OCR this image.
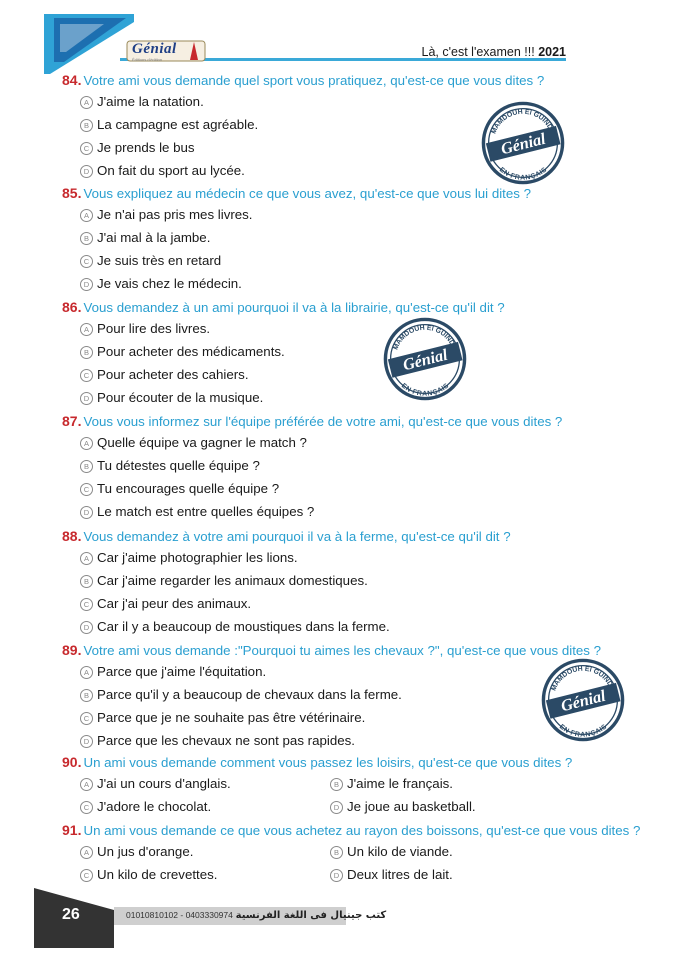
Génial
Éditions d'édition
Là, c'est l'examen !!! 2021
84. Votre ami vous demande quel sport vous pratiquez, qu'est-ce que vous dites ?
A J'aime la natation.
B La campagne est agréable.
C Je prends le bus
D On fait du sport au lycée.
85. Vous expliquez au médecin ce que vous avez, qu'est-ce que vous lui dites ?
A Je n'ai pas pris mes livres.
B J'ai mal à la jambe.
C Je suis très en retard
D Je vais chez le médecin.
86. Vous demandez à un ami pourquoi il va à la librairie, qu'est-ce qu'il dit ?
A Pour lire des livres.
B Pour acheter des médicaments.
C Pour acheter des cahiers.
D Pour écouter de la musique.
87. Vous vous informez sur l'équipe préférée de votre ami, qu'est-ce que vous dites ?
A Quelle équipe va gagner le match ?
B Tu détestes quelle équipe ?
C Tu encourages quelle équipe ?
D Le match est entre quelles équipes ?
88. Vous demandez à votre ami pourquoi il va à la ferme, qu'est-ce qu'il dit ?
A Car j'aime photographier les lions.
B Car j'aime regarder les animaux domestiques.
C Car j'ai peur des animaux.
D Car il y a beaucoup de moustiques dans la ferme.
89. Votre ami vous demande :"Pourquoi tu aimes les chevaux ?", qu'est-ce que vous dites ?
A Parce que j'aime l'équitation.
B Parce qu'il y a beaucoup de chevaux dans la ferme.
C Parce que je ne souhaite pas être vétérinaire.
D Parce que les chevaux ne sont pas rapides.
90. Un ami vous demande comment vous passez les loisirs, qu'est-ce que vous dites ?
A J'ai un cours d'anglais.	B J'aime le français.
C J'adore le chocolat.	D Je joue au basketball.
91. Un ami vous demande ce que vous achetez au rayon des boissons, qu'est-ce que vous dites ?
A Un jus d'orange.	B Un kilo de viande.
C Un kilo de crevettes.	D Deux litres de lait.
MAMDOUH El GUINDY
Génial
EN FRANÇAIS
MAMDOUH El GUINDY
Génial
EN FRANÇAIS
MAMDOUH El GUINDY
Génial
EN FRANÇAIS
26	كتب جينيال فى اللغة الفرنسية 0403330974 - 01010810102
